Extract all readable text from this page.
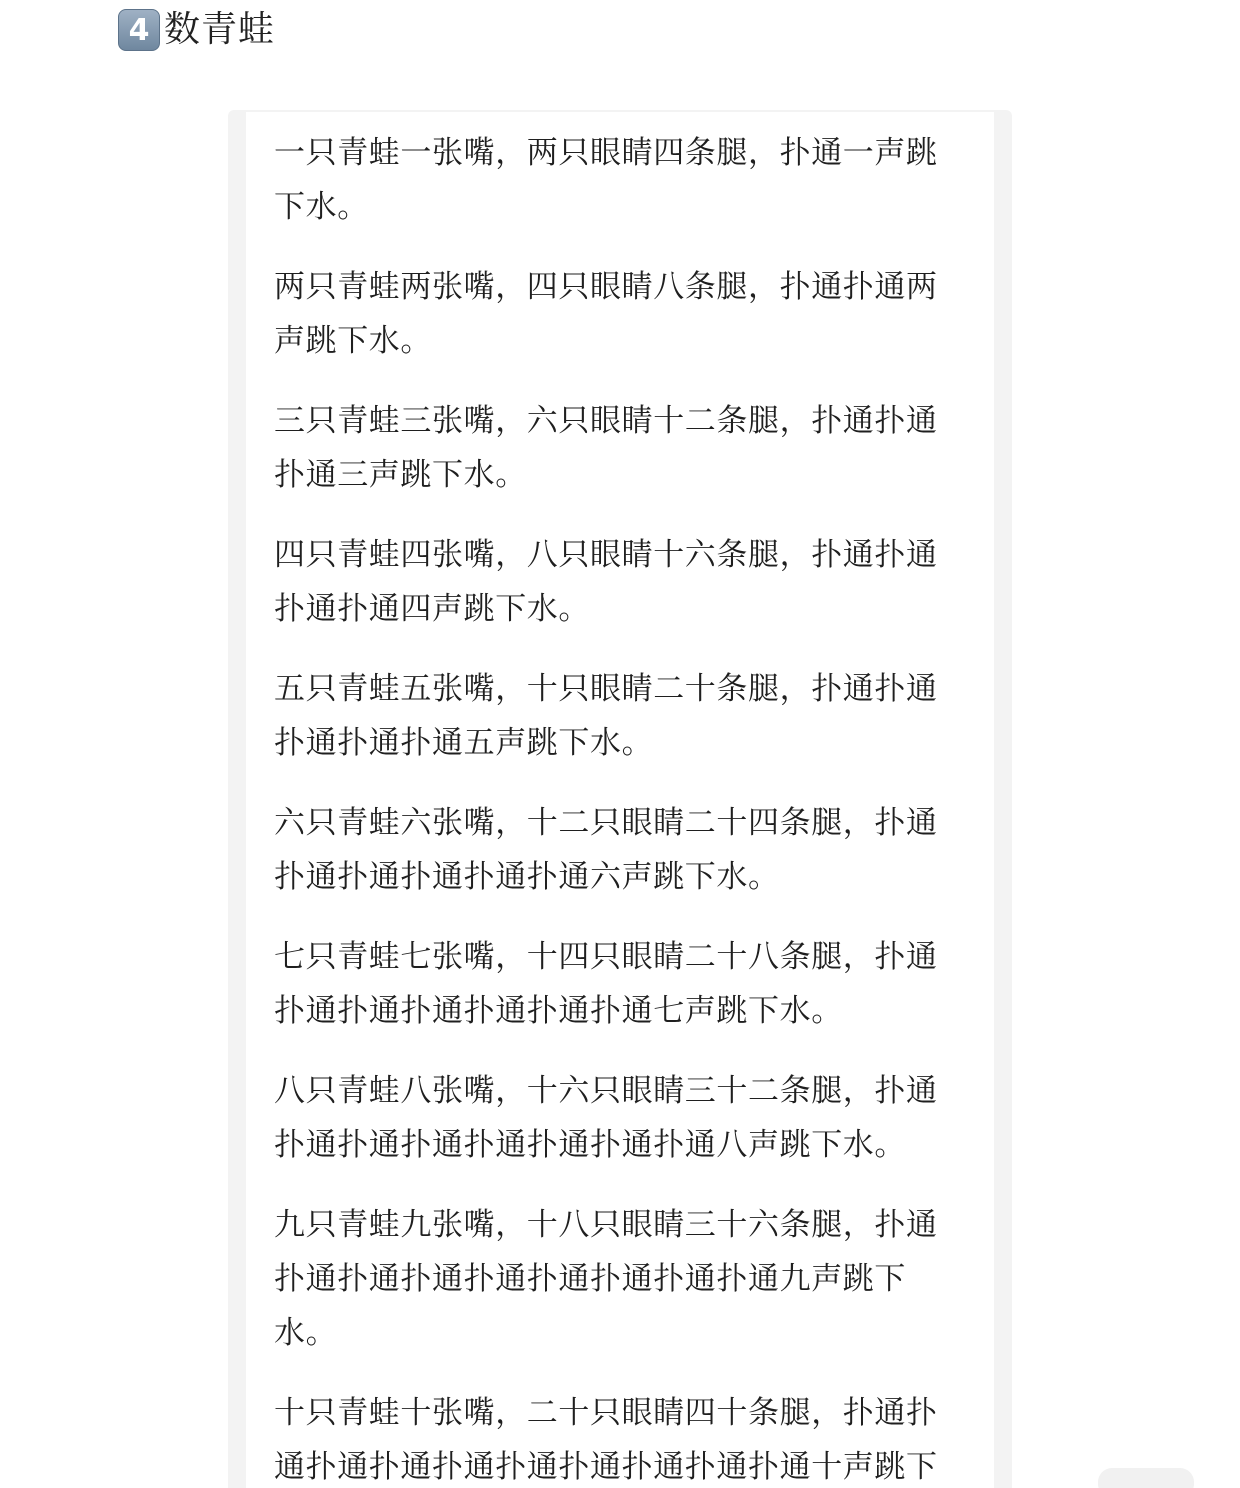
4 数青蛙

一只青蛙一张嘴，两只眼睛四条腿，扑通一声跳下水。

两只青蛙两张嘴，四只眼睛八条腿，扑通扑通两声跳下水。

三只青蛙三张嘴，六只眼睛十二条腿，扑通扑通扑通三声跳下水。

四只青蛙四张嘴，八只眼睛十六条腿，扑通扑通扑通扑通四声跳下水。

五只青蛙五张嘴，十只眼睛二十条腿，扑通扑通扑通扑通扑通五声跳下水。

六只青蛙六张嘴，十二只眼睛二十四条腿，扑通扑通扑通扑通扑通扑通六声跳下水。

七只青蛙七张嘴，十四只眼睛二十八条腿，扑通扑通扑通扑通扑通扑通扑通七声跳下水。

八只青蛙八张嘴，十六只眼睛三十二条腿，扑通扑通扑通扑通扑通扑通扑通扑通八声跳下水。

九只青蛙九张嘴，十八只眼睛三十六条腿，扑通扑通扑通扑通扑通扑通扑通扑通扑通九声跳下水。

十只青蛙十张嘴，二十只眼睛四十条腿，扑通扑通扑通扑通扑通扑通扑通扑通扑通扑通十声跳下
